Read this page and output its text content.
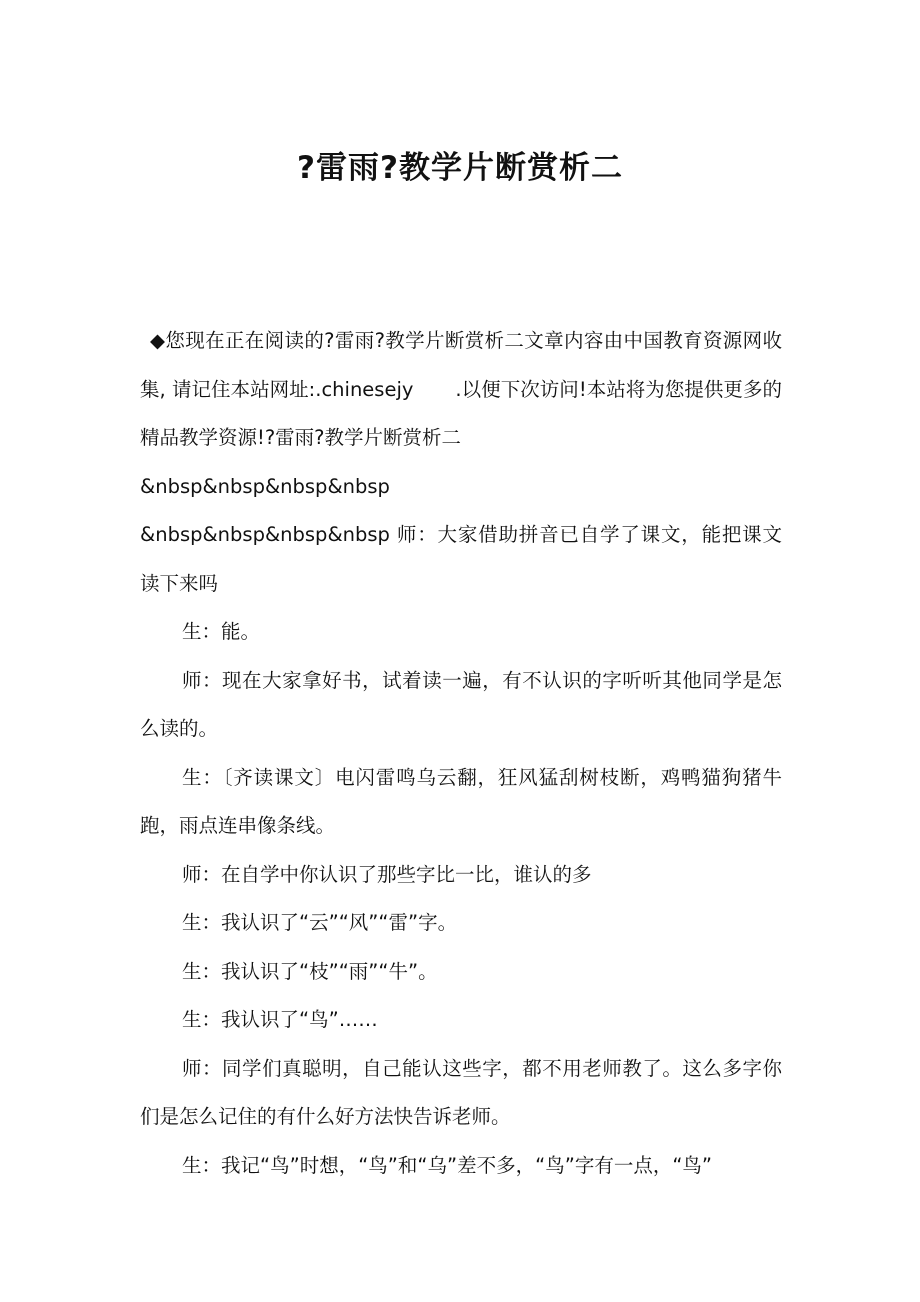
?雷雨?教学片断赏析二

◆您现在正在阅读的?雷雨?教学片断赏析二文章内容由中国教育资源网收集, 请记住本站网址:.chinesejy .以便下次访问!本站将为您提供更多的精品教学资源!?雷雨?教学片断赏析二

&nbsp&nbsp&nbsp&nbsp

&nbsp&nbsp&nbsp&nbsp 师：大家借助拼音已自学了课文，能把课文读下来吗

生：能。

师：现在大家拿好书，试着读一遍，有不认识的字听听其他同学是怎么读的。

生：〔齐读课文〕电闪雷鸣乌云翻，狂风猛刮树枝断，鸡鸭猫狗猪牛跑，雨点连串像条线。

师：在自学中你认识了那些字比一比，谁认的多

生：我认识了“云”“风”“雷”字。

生：我认识了“枝”“雨”“牛”。

生：我认识了“鸟”……

师：同学们真聪明，自己能认这些字，都不用老师教了。这么多字你们是怎么记住的有什么好方法快告诉老师。

生：我记“鸟”时想，“鸟”和“乌”差不多，“鸟”字有一点，“鸟”
